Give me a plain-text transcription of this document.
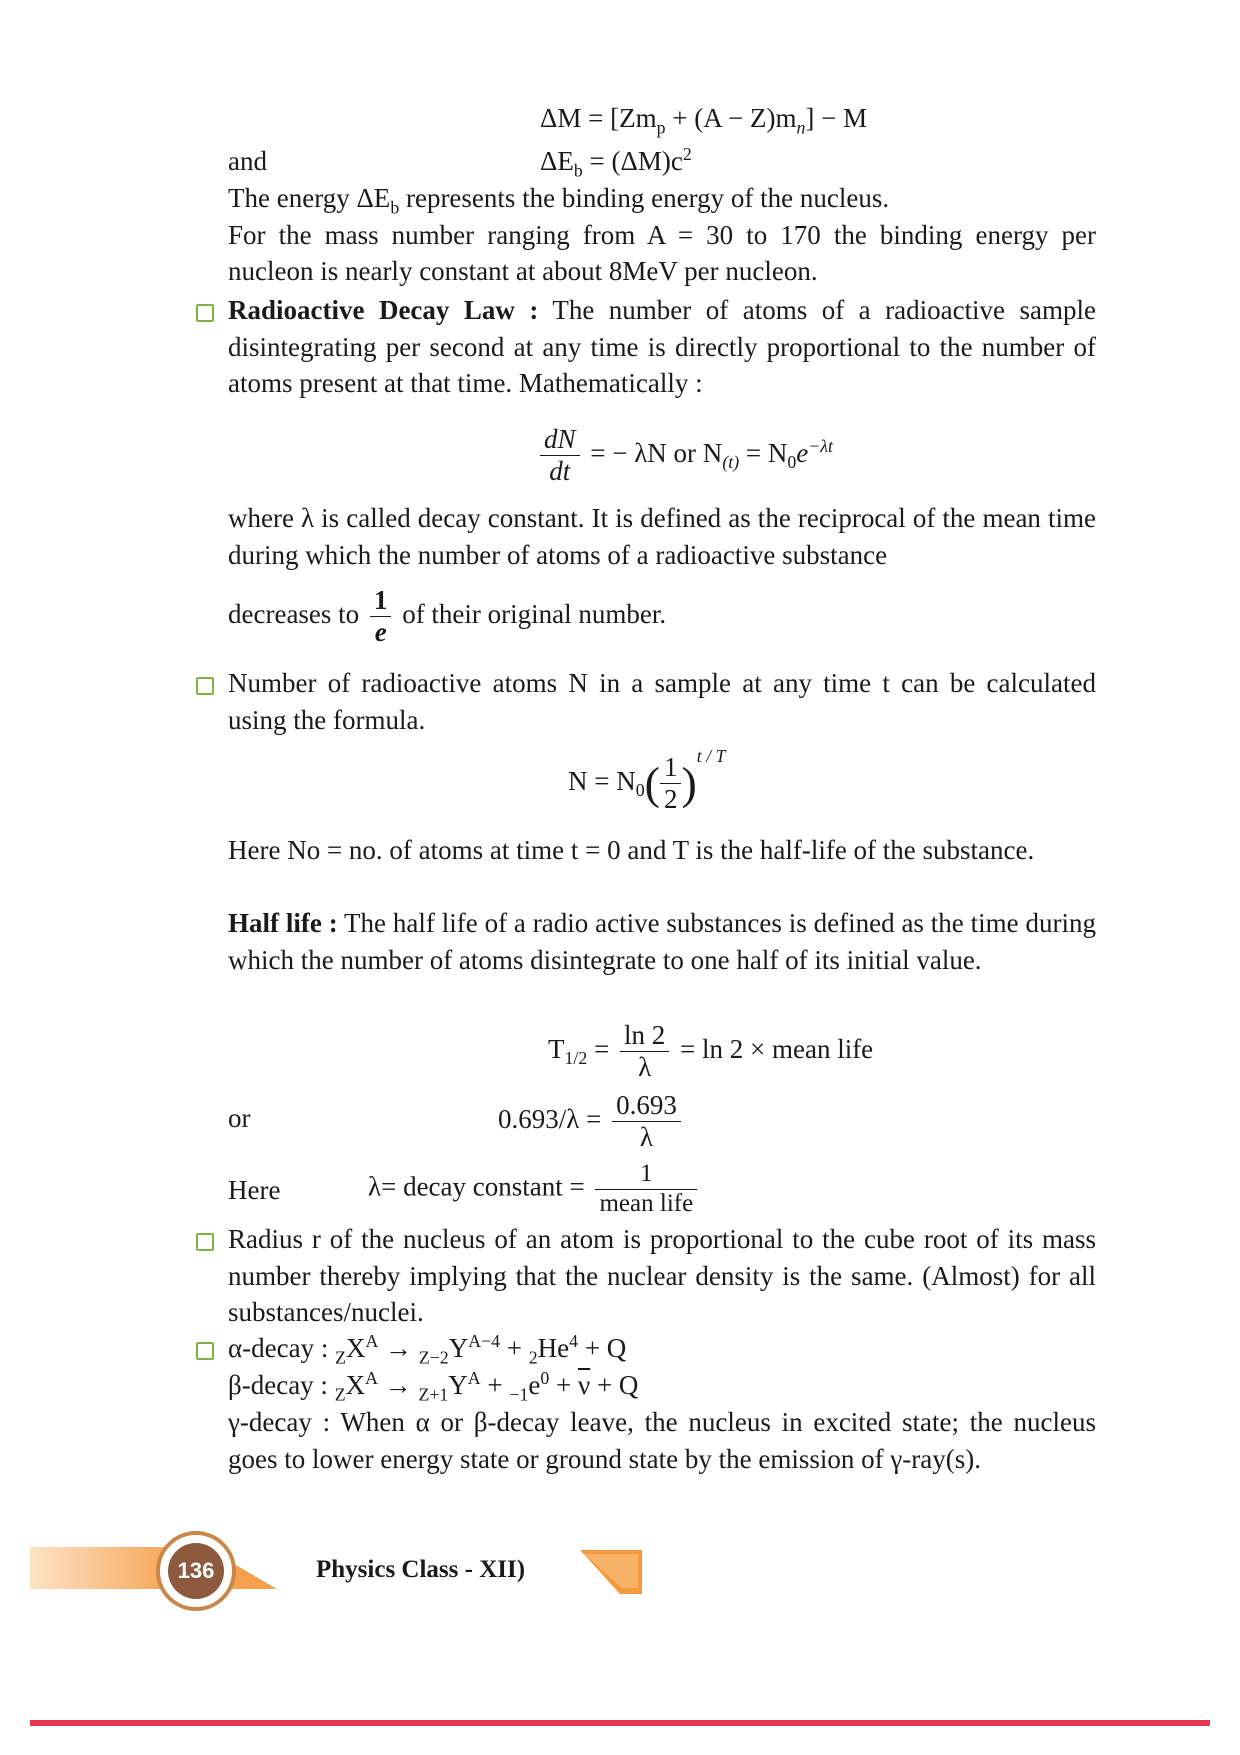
$\Delta M = [Zm_p + (A - Z)m_n] - M$
and	$\Delta E_b = (\Delta M)c^2$
The energy $\Delta E_b$ represents the binding energy of the nucleus.
For the mass number ranging from A = 30 to 170 the binding energy per nucleon is nearly constant at about 8MeV per nucleon.
Radioactive Decay Law : The number of atoms of a radioactive sample disintegrating per second at any time is directly proportional to the number of atoms present at that time. Mathematically :
$\frac{dN}{dt}$ = − λN or $N_{(t)} = N_0e^{-\lambda t}$
where λ is called decay constant. It is defined as the reciprocal of the mean time during which the number of atoms of a radioactive substance
decreases to $\frac{1}{e}$ of their original number.
Number of radioactive atoms N in a sample at any time t can be calculated using the formula.
$N = N_0( \frac{1}{2} )^{t / T}$
Here No = no. of atoms at time t = 0 and T is the half-life of the substance.
Half life : The half life of a radio active substances is defined as the time during which the number of atoms disintegrate to one half of its initial value.
$T_{1/2} = \frac{\ln 2}{\lambda} = \ln 2$ × mean life
or	$0.693/\lambda = \frac{0.693}{\lambda}$
Here	λ= decay constant = $\frac{1}{\text{mean life}}$
Radius r of the nucleus of an atom is proportional to the cube root of its mass number thereby implying that the nuclear density is the same. (Almost) for all substances/nuclei.
α-decay : $_ZX^A \to _{Z-2}Y^{A-4} + _2He^4 + Q$
β-decay : $_ZX^A \to _{Z+1}Y^A + _{-1}e^0 + \overline{\nu} + Q$
γ-decay : When α or β-decay leave, the nucleus in excited state; the nucleus goes to lower energy state or ground state by the emission of γ-ray(s).
136	Physics Class - XII)
